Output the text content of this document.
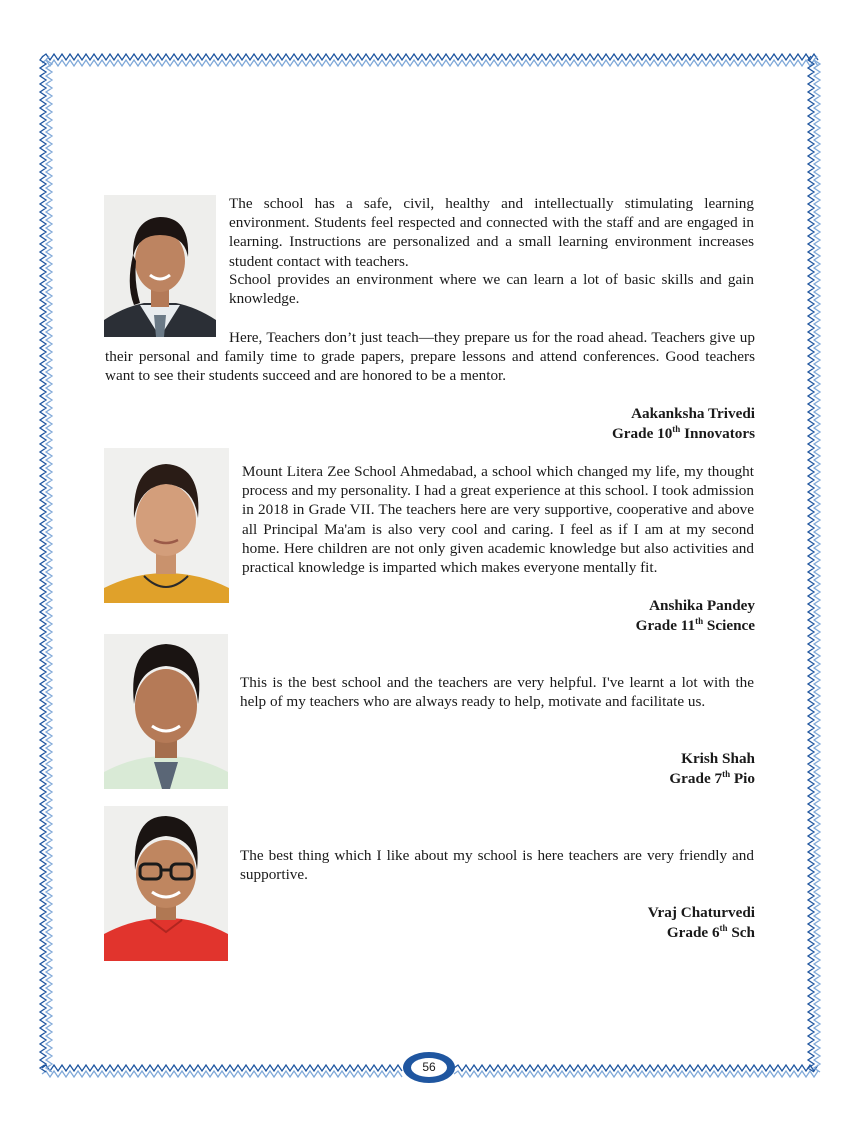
The school has a safe, civil, healthy and intellectually stimulating learning environment. Students feel respected and connected with the staff and are engaged in learning. Instructions are personalized and a small learning environment increases student contact with teachers.

School provides an environment where we can learn a lot of basic skills and gain knowledge.

Here, Teachers don’t just teach—they prepare us for the road ahead. Teachers give up their personal and family time to grade papers, prepare lessons and attend conferences. Good teachers want to see their students succeed and are honored to be a mentor.

Aakanksha Trivedi
Grade 10th Innovators

Mount Litera Zee School Ahmedabad, a school which changed my life, my thought process and my personality. I had a great experience at this school. I took admission in 2018 in Grade VII. The teachers here are very supportive, cooperative and above all Principal Ma'am is also very cool and caring. I feel as if I am at my second home. Here children are not only given academic knowledge but also activities and practical knowledge is imparted which makes everyone mentally fit.

Anshika Pandey
Grade 11th Science

This is the best school and the teachers are very helpful. I've learnt a lot with the help of my teachers who are always ready to help, motivate and facilitate us.

Krish Shah
Grade 7th Pio

The best thing which I like about my school is here teachers are very friendly and supportive.

Vraj Chaturvedi
Grade 6th Sch
56
